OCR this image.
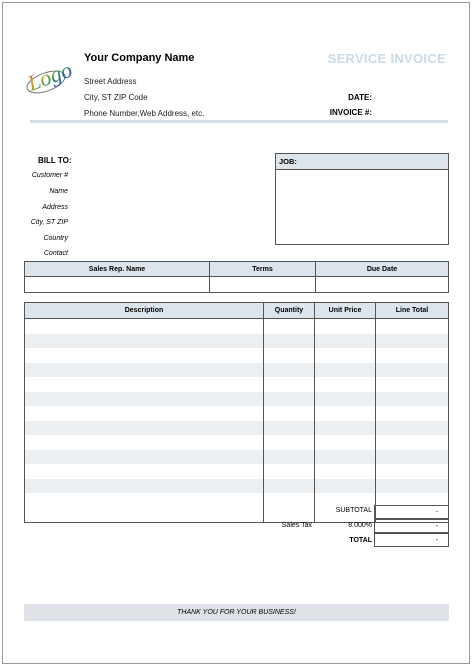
Logo Your Company Name
Street Address
City, ST ZIP Code
Phone Number,Web Address, etc.
SERVICE INVOICE
DATE:
INVOICE #:
BILL TO:
Customer #
Name
Address
City, ST ZIP
Country
Contact
JOB:
Sales Rep. Name	Terms	Due Date

Description	Quantity	Unit Price	Line Total

SUBTOTAL	-
Sales Tax	8.000%	-
TOTAL	-
THANK YOU FOR YOUR BUSINESS!
